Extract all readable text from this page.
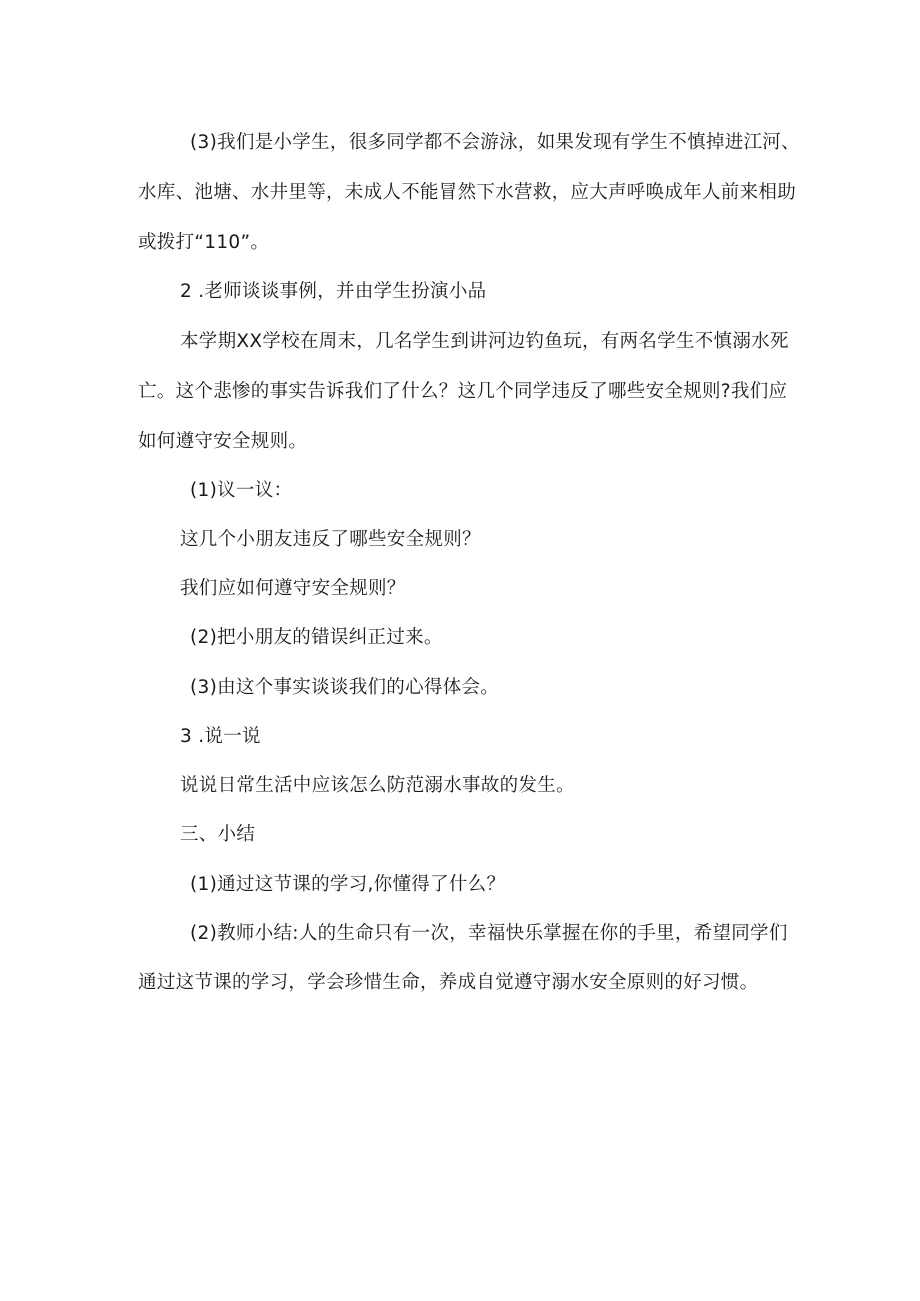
(3)我们是小学生，很多同学都不会游泳，如果发现有学生不慎掉进江河、
水库、池塘、水井里等，未成人不能冒然下水营救，应大声呼唤成年人前来相助
或拨打“110”。
2 .老师谈谈事例，并由学生扮演小品
本学期XX学校在周末，几名学生到讲河边钓鱼玩，有两名学生不慎溺水死
亡。这个悲惨的事实告诉我们了什么？这几个同学违反了哪些安全规则?我们应
如何遵守安全规则。
(1)议一议：
这几个小朋友违反了哪些安全规则？
我们应如何遵守安全规则？
(2)把小朋友的错误纠正过来。
(3)由这个事实谈谈我们的心得体会。
3 .说一说
说说日常生活中应该怎么防范溺水事故的发生。
三、小结
(1)通过这节课的学习,你懂得了什么？
(2)教师小结:人的生命只有一次，幸福快乐掌握在你的手里，希望同学们
通过这节课的学习，学会珍惜生命，养成自觉遵守溺水安全原则的好习惯。
